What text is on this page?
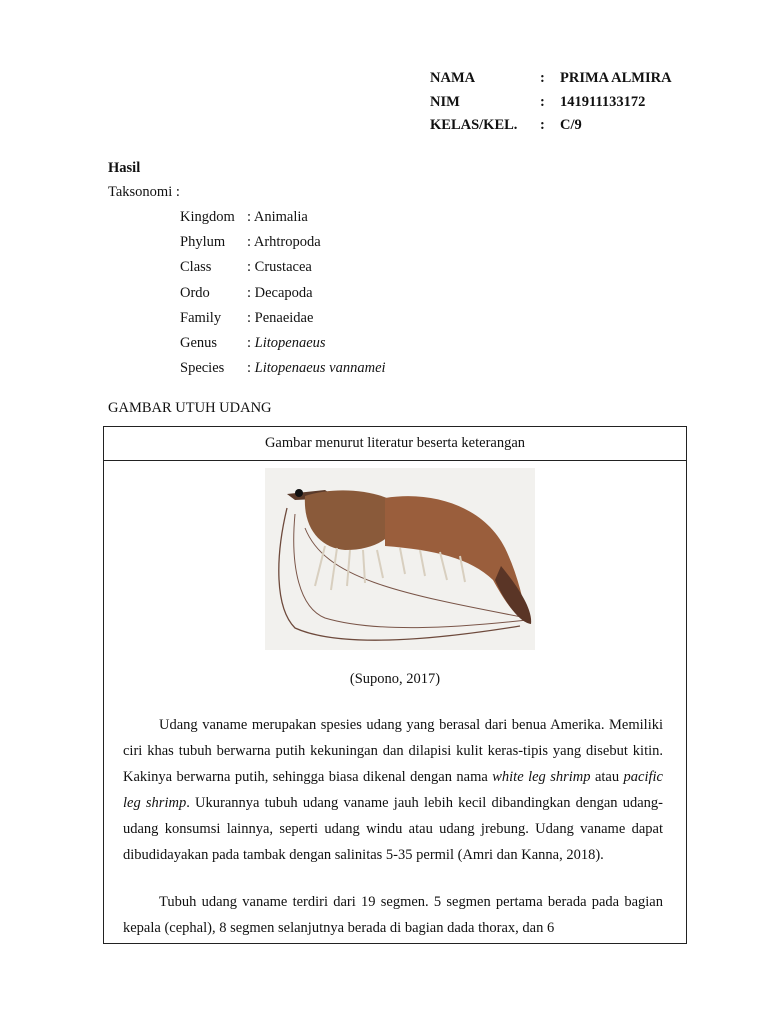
NAMA	:	PRIMA ALMIRA
NIM	:	141911133172
KELAS/KEL.	:	C/9
Hasil
Taksonomi :
Kingdom : Animalia
Phylum	: Arhtropoda
Class	: Crustacea
Ordo	: Decapoda
Family	: Penaeidae
Genus	: Litopenaeus
Species	: Litopenaeus vannamei
GAMBAR UTUH UDANG
Gambar menurut literatur beserta keterangan
(Supono, 2017)

Udang vaname merupakan spesies udang yang berasal dari benua Amerika. Memiliki ciri khas tubuh berwarna putih kekuningan dan dilapisi kulit keras-tipis yang disebut kitin. Kakinya berwarna putih, sehingga biasa dikenal dengan nama white leg shrimp atau pacific leg shrimp. Ukurannya tubuh udang vaname jauh lebih kecil dibandingkan dengan udang-udang konsumsi lainnya, seperti udang windu atau udang jrebung. Udang vaname dapat dibudidayakan pada tambak dengan salinitas 5-35 permil (Amri dan Kanna, 2018).

Tubuh udang vaname terdiri dari 19 segmen. 5 segmen pertama berada pada bagian kepala (cephal), 8 segmen selanjutnya berada di bagian dada thorax, dan 6
